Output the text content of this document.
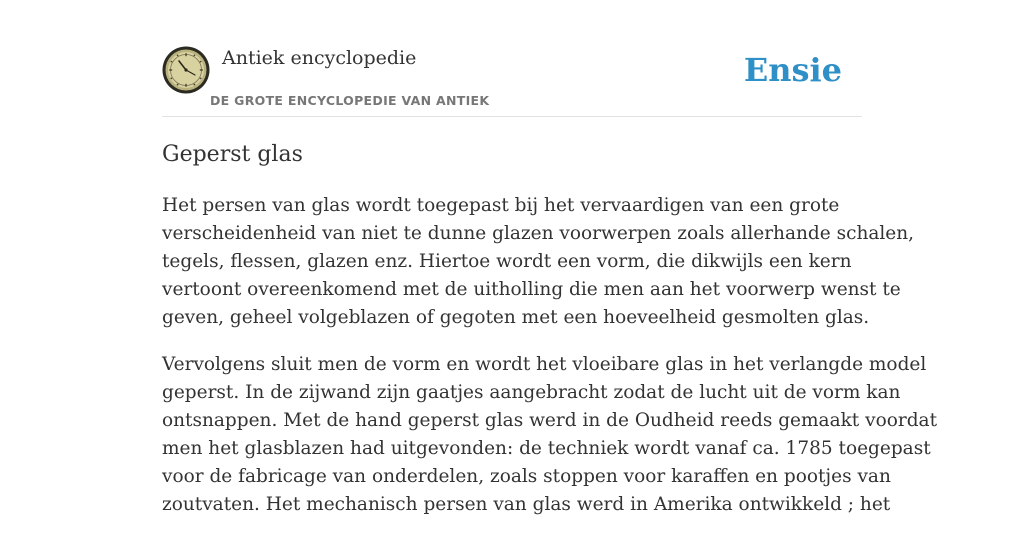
Antiek encyclopedie
DE GROTE ENCYCLOPEDIE VAN ANTIEK
Ensie
Geperst glas

Het persen van glas wordt toegepast bij het vervaardigen van een grote
verscheidenheid van niet te dunne glazen voorwerpen zoals allerhande schalen,
tegels, flessen, glazen enz. Hiertoe wordt een vorm, die dikwijls een kern
vertoont overeenkomend met de uitholling die men aan het voorwerp wenst te
geven, geheel volgeblazen of gegoten met een hoeveelheid gesmolten glas.

Vervolgens sluit men de vorm en wordt het vloeibare glas in het verlangde model
geperst. In de zijwand zijn gaatjes aangebracht zodat de lucht uit de vorm kan
ontsnappen. Met de hand geperst glas werd in de Oudheid reeds gemaakt voordat
men het glasblazen had uitgevonden: de techniek wordt vanaf ca. 1785 toegepast
voor de fabricage van onderdelen, zoals stoppen voor karaffen en pootjes van
zoutvaten. Het mechanisch persen van glas werd in Amerika ontwikkeld ; het
